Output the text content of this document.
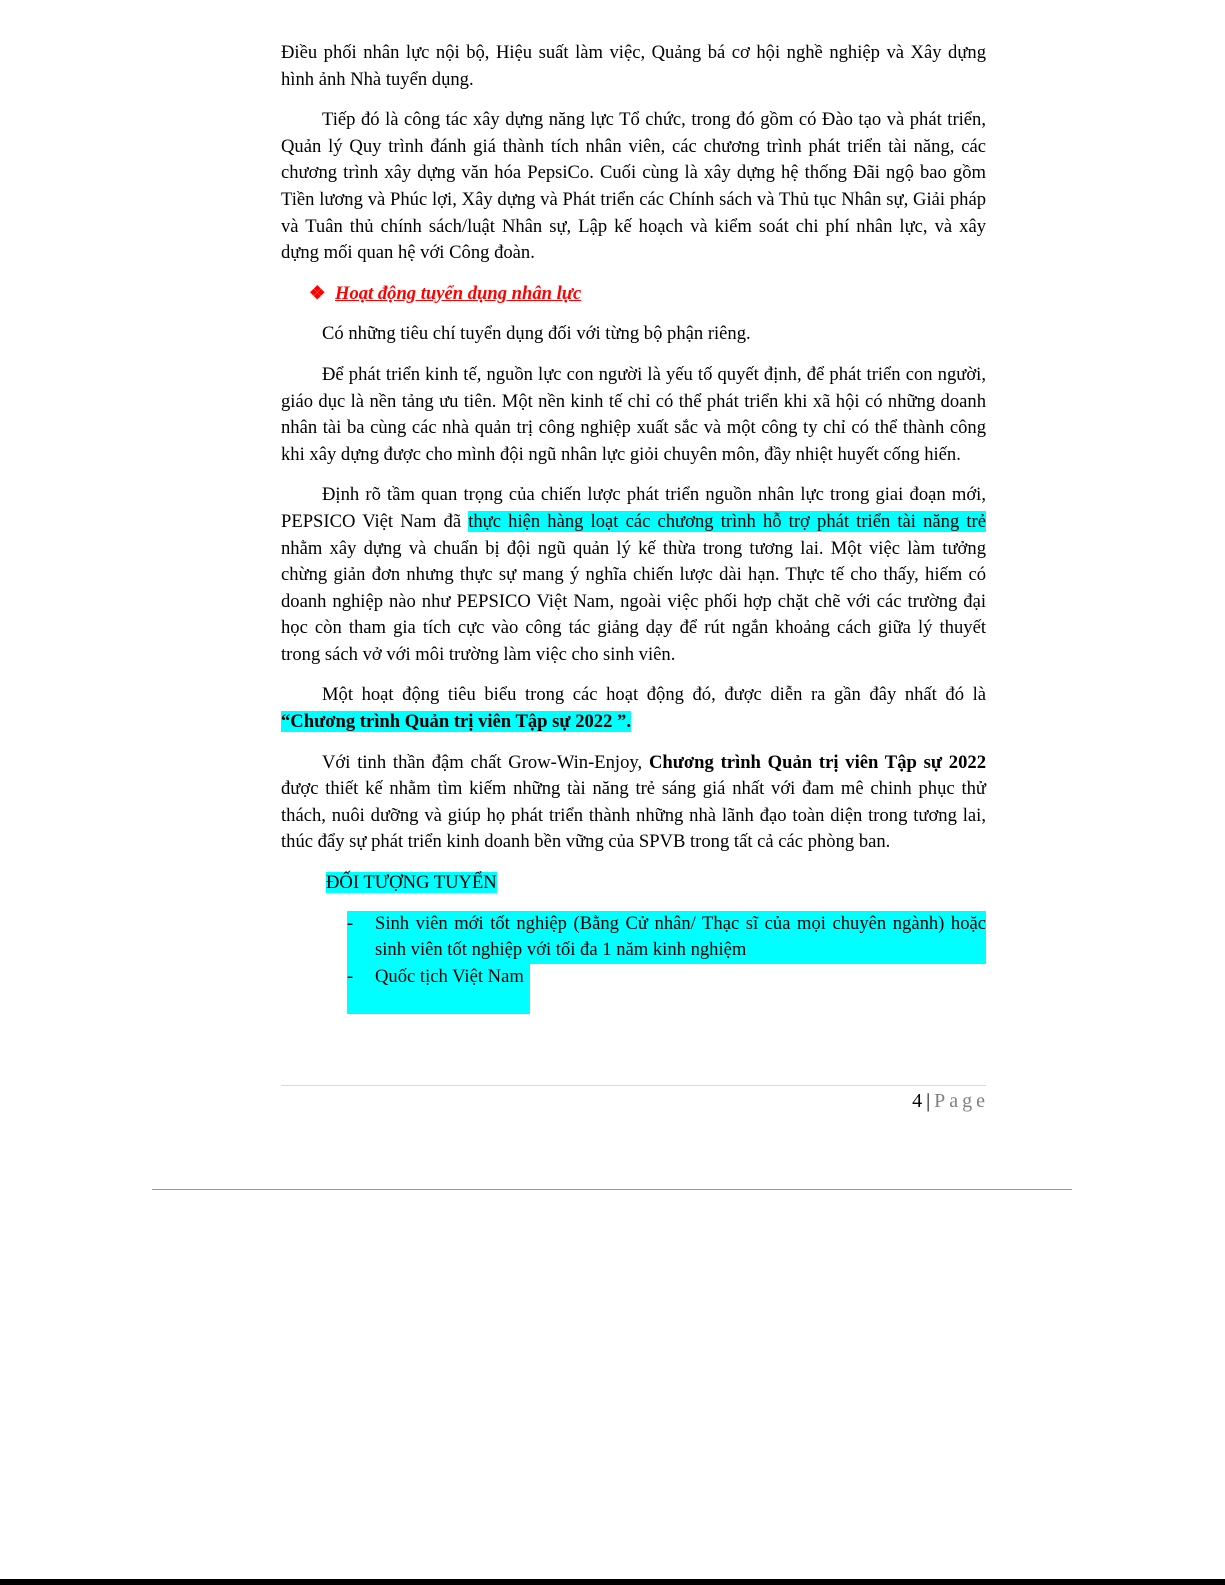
Điều phối nhân lực nội bộ, Hiệu suất làm việc, Quảng bá cơ hội nghề nghiệp và Xây dựng hình ảnh Nhà tuyển dụng.

Tiếp đó là công tác xây dựng năng lực Tổ chức, trong đó gồm có Đào tạo và phát triển, Quản lý Quy trình đánh giá thành tích nhân viên, các chương trình phát triển tài năng, các chương trình xây dựng văn hóa PepsiCo. Cuối cùng là xây dựng hệ thống Đãi ngộ bao gồm Tiền lương và Phúc lợi, Xây dựng và Phát triển các Chính sách và Thủ tục Nhân sự, Giải pháp và Tuân thủ chính sách/luật Nhân sự, Lập kế hoạch và kiểm soát chi phí nhân lực, và xây dựng mối quan hệ với Công đoàn.

❖ Hoạt động tuyển dụng nhân lực

Có những tiêu chí tuyển dụng đối với từng bộ phận riêng.

Để phát triển kinh tế, nguồn lực con người là yếu tố quyết định, để phát triển con người, giáo dục là nền tảng ưu tiên. Một nền kinh tế chỉ có thể phát triển khi xã hội có những doanh nhân tài ba cùng các nhà quản trị công nghiệp xuất sắc và một công ty chỉ có thể thành công khi xây dựng được cho mình đội ngũ nhân lực giỏi chuyên môn, đầy nhiệt huyết cống hiến.

Định rõ tầm quan trọng của chiến lược phát triển nguồn nhân lực trong giai đoạn mới, PEPSICO Việt Nam đã thực hiện hàng loạt các chương trình hỗ trợ phát triển tài năng trẻ nhằm xây dựng và chuẩn bị đội ngũ quản lý kế thừa trong tương lai. Một việc làm tưởng chừng giản đơn nhưng thực sự mang ý nghĩa chiến lược dài hạn. Thực tế cho thấy, hiếm có doanh nghiệp nào như PEPSICO Việt Nam, ngoài việc phối hợp chặt chẽ với các trường đại học còn tham gia tích cực vào công tác giảng dạy để rút ngắn khoảng cách giữa lý thuyết trong sách vở với môi trường làm việc cho sinh viên.

Một hoạt động tiêu biểu trong các hoạt động đó, được diễn ra gần đây nhất đó là “Chương trình Quản trị viên Tập sự 2022 ”.

Với tinh thần đậm chất Grow-Win-Enjoy, Chương trình Quản trị viên Tập sự 2022 được thiết kế nhằm tìm kiếm những tài năng trẻ sáng giá nhất với đam mê chinh phục thử thách, nuôi dưỡng và giúp họ phát triển thành những nhà lãnh đạo toàn diện trong tương lai, thúc đẩy sự phát triển kinh doanh bền vững của SPVB trong tất cả các phòng ban.

ĐỐI TƯỢNG TUYỂN

- Sinh viên mới tốt nghiệp (Bằng Cử nhân/ Thạc sĩ của mọi chuyên ngành) hoặc sinh viên tốt nghiệp với tối đa 1 năm kinh nghiệm
- Quốc tịch Việt Nam
4 | Page
